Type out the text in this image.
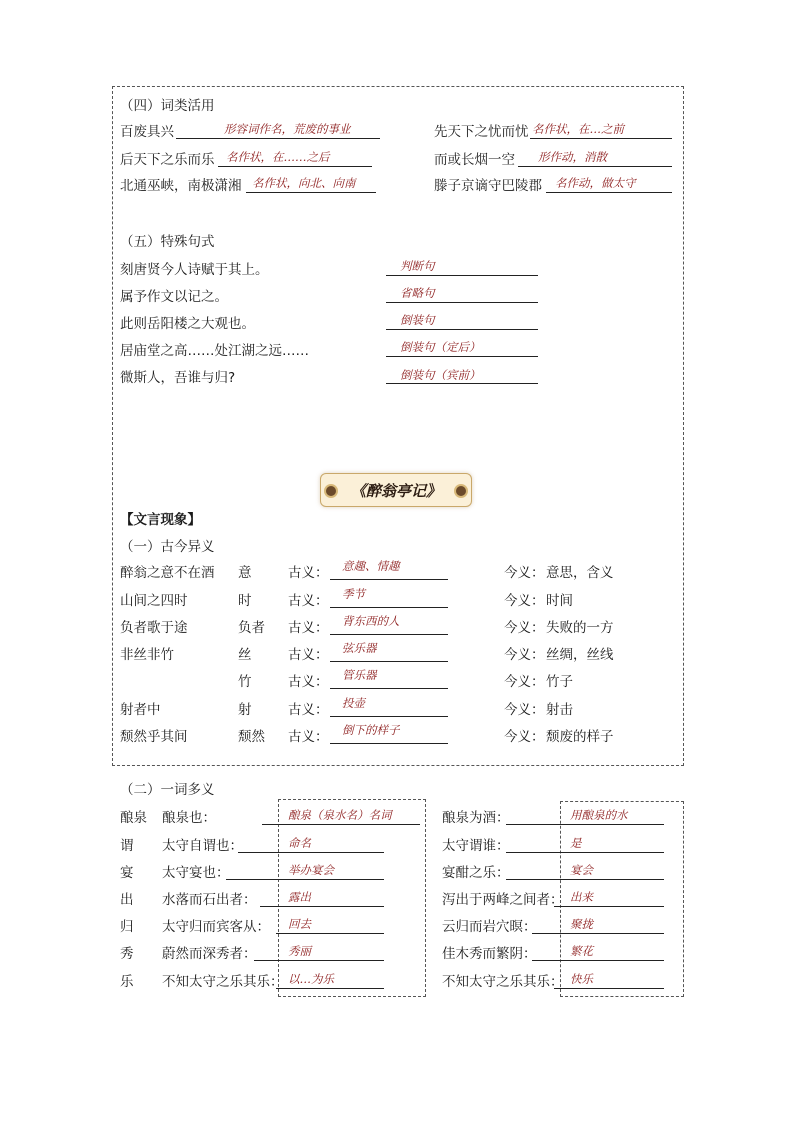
（四）词类活用
百废具兴	形容词作名，荒废的事业
后天下之乐而乐 名作状，在……之后
北通巫峡，南极潇湘 名作状，向北、向南
先天下之忧而忧 名作状，在…之前
而或长烟一空 形作动，消散
滕子京谪守巴陵郡 名作动，做太守
（五）特殊句式
刻唐贤今人诗赋于其上。	判断句
属予作文以记之。	省略句
此则岳阳楼之大观也。	倒装句
居庙堂之高……处江湖之远……	倒装句（定后）
微斯人，吾谁与归?	倒装句（宾前）
《醉翁亭记》
【文言现象】
（一）古今异义
醉翁之意不在酒 意	古义： 意趣、情趣	今义： 意思，含义
山间之四时	时	古义： 季节	今义： 时间
负者歌于途	负者 古义： 背东西的人	今义： 失败的一方
非丝非竹	丝	古义： 弦乐器	今义： 丝绸，丝线
竹	古义： 管乐器	今义： 竹子
射者中	射	古义： 投壶	今义： 射击
颓然乎其间	颓然 古义： 倒下的样子	今义： 颓废的样子
（二）一词多义
酿泉 酿泉也：	酿泉（泉水名）名词	酿泉为酒：	用酿泉的水
谓 太守自谓也：	命名	太守谓谁：	是
宴 太守宴也：	举办宴会	宴酣之乐：	宴会
出 水落而石出者：	露出	泻出于两峰之间者： 出来
归 太守归而宾客从： 回去	云归而岩穴暝：	聚拢
秀 蔚然而深秀者：	秀丽	佳木秀而繁阴：	繁花
乐 不知太守之乐其乐： 以…为乐	不知太守之乐其乐： 快乐
